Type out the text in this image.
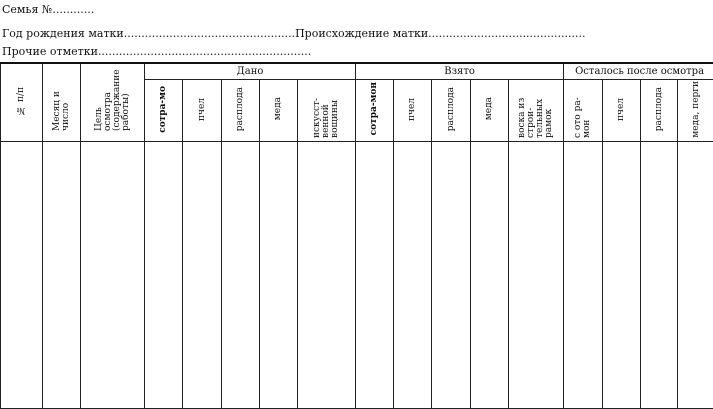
Семья №............
Год рождения матки.................................................Происхождение матки.............................................
Прочие отметки.............................................................
№ п/п	Месяц и число	Цель осмотра (содержание работы)	Дано					Взято					Осталось после осмотра			
			сотра-мо	пчел	расплода	меда	искусст-венной вощины	сотра-мон	пчел	расплода	меда	воска из строи-тельных рамок	с ото ра-мон	пчел	расплода	меда, перги
